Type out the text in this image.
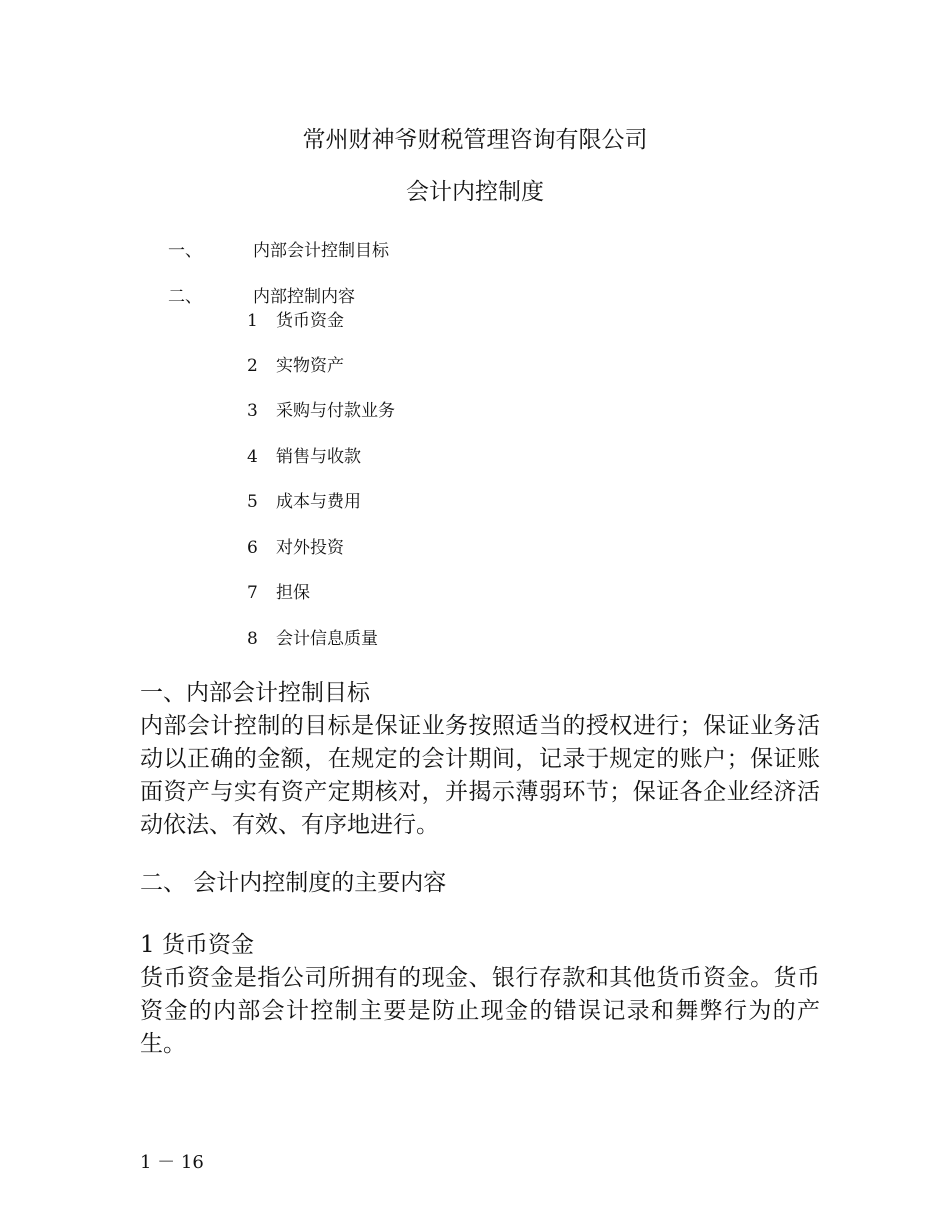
常州财神爷财税管理咨询有限公司
会计内控制度
一、	内部会计控制目标
二、	内部控制内容
1 货币资金
2 实物资产
3 采购与付款业务
4 销售与收款
5 成本与费用
6 对外投资
7 担保
8 会计信息质量
一、内部会计控制目标

内部会计控制的目标是保证业务按照适当的授权进行；保证业务活动以正确的金额，在规定的会计期间，记录于规定的账户；保证账面资产与实有资产定期核对，并揭示薄弱环节；保证各企业经济活动依法、有效、有序地进行。

二、 会计内控制度的主要内容
1 货币资金

货币资金是指公司所拥有的现金、银行存款和其他货币资金。货币资金的内部会计控制主要是防止现金的错误记录和舞弊行为的产生。

1 － 16
